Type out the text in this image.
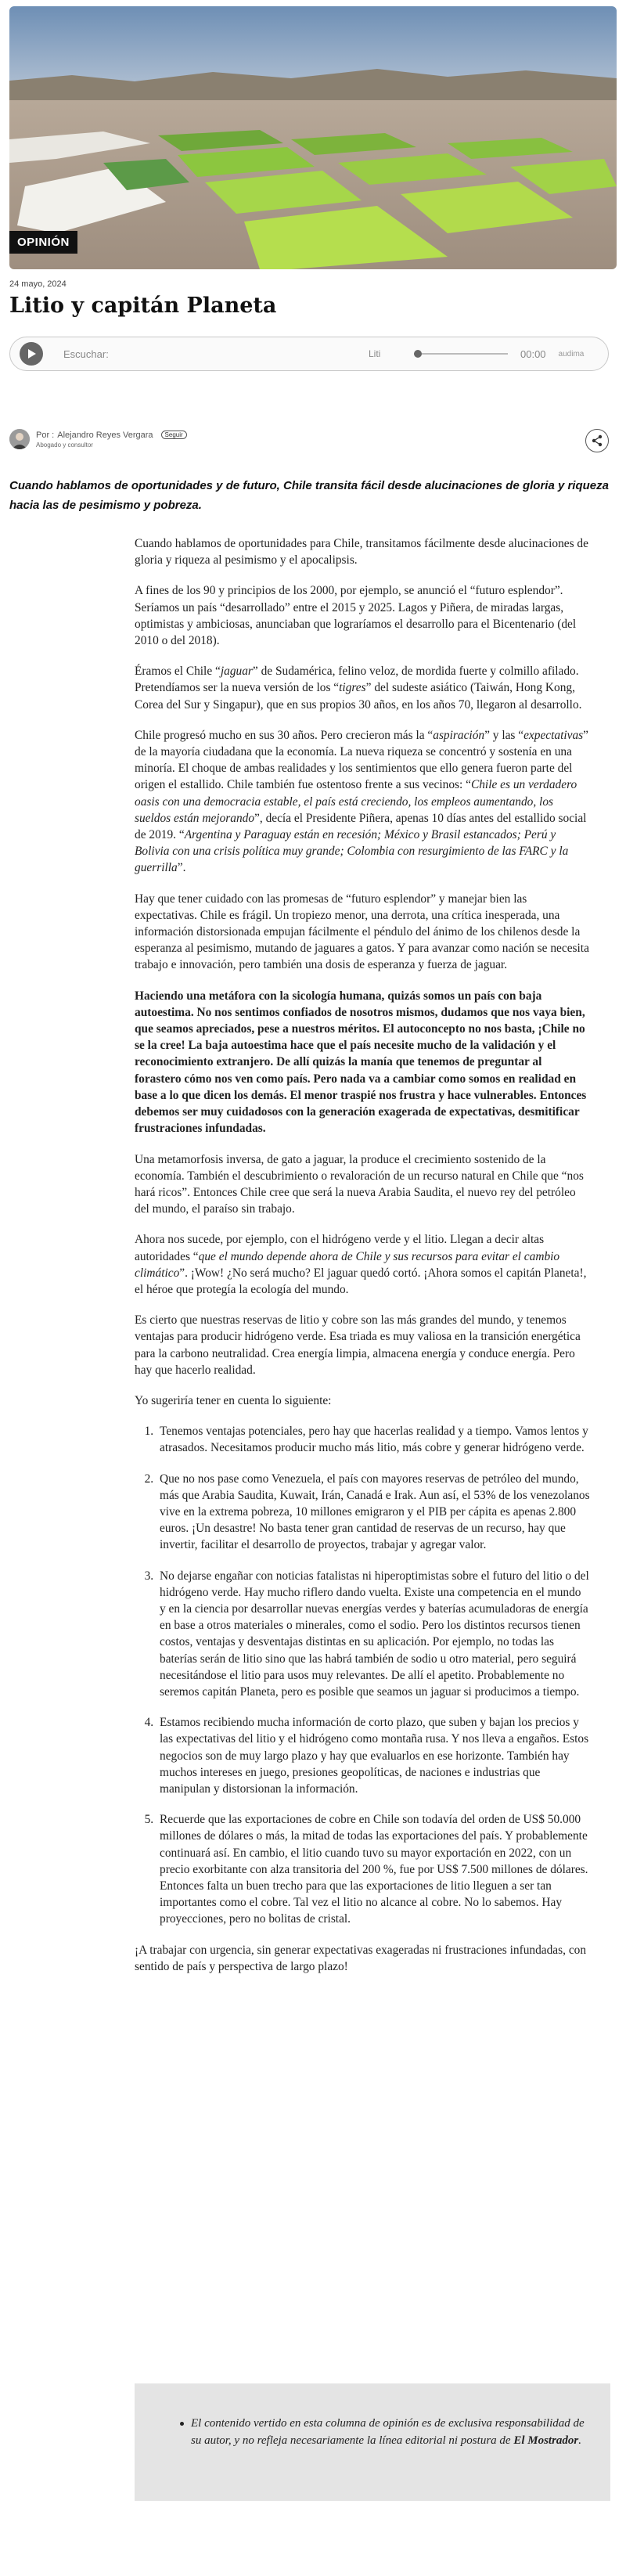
OPINIÓN
24 mayo, 2024
Litio y capitán Planeta
Escuchar:	Liti	00:00 audima
Por : Alejandro Reyes Vergara	Seguir
Abogado y consultor

Cuando hablamos de oportunidades y de futuro, Chile transita fácil desde alucinaciones de gloria y riqueza hacia las de pesimismo y pobreza.

Cuando hablamos de oportunidades para Chile, transitamos fácilmente desde alucinaciones de gloria y riqueza al pesimismo y el apocalipsis.

A fines de los 90 y principios de los 2000, por ejemplo, se anunció el “futuro esplendor”. Seríamos un país “desarrollado” entre el 2015 y 2025. Lagos y Piñera, de miradas largas, optimistas y ambiciosas, anunciaban que lograríamos el desarrollo para el Bicentenario (del 2010 o del 2018).

Éramos el Chile “jaguar” de Sudamérica, felino veloz, de mordida fuerte y colmillo afilado. Pretendíamos ser la nueva versión de los “tigres” del sudeste asiático (Taiwán, Hong Kong, Corea del Sur y Singapur), que en sus propios 30 años, en los años 70, llegaron al desarrollo.

Chile progresó mucho en sus 30 años. Pero crecieron más la “aspiración” y las “expectativas” de la mayoría ciudadana que la economía. La nueva riqueza se concentró y sostenía en una minoría. El choque de ambas realidades y los sentimientos que ello genera fueron parte del origen el estallido. Chile también fue ostentoso frente a sus vecinos: “Chile es un verdadero oasis con una democracia estable, el país está creciendo, los empleos aumentando, los sueldos están mejorando”, decía el Presidente Piñera, apenas 10 días antes del estallido social de 2019. “Argentina y Paraguay están en recesión; México y Brasil estancados; Perú y Bolivia con una crisis política muy grande; Colombia con resurgimiento de las FARC y la guerrilla”.

Hay que tener cuidado con las promesas de “futuro esplendor” y manejar bien las expectativas. Chile es frágil. Un tropiezo menor, una derrota, una crítica inesperada, una información distorsionada empujan fácilmente el péndulo del ánimo de los chilenos desde la esperanza al pesimismo, mutando de jaguares a gatos. Y para avanzar como nación se necesita trabajo e innovación, pero también una dosis de esperanza y fuerza de jaguar.

Haciendo una metáfora con la sicología humana, quizás somos un país con baja autoestima. No nos sentimos confiados de nosotros mismos, dudamos que nos vaya bien, que seamos apreciados, pese a nuestros méritos. El autoconcepto no nos basta, ¡Chile no se la cree! La baja autoestima hace que el país necesite mucho de la validación y el reconocimiento extranjero. De allí quizás la manía que tenemos de preguntar al forastero cómo nos ven como país. Pero nada va a cambiar como somos en realidad en base a lo que dicen los demás. El menor traspié nos frustra y hace vulnerables. Entonces debemos ser muy cuidadosos con la generación exagerada de expectativas, desmitificar frustraciones infundadas.

Una metamorfosis inversa, de gato a jaguar, la produce el crecimiento sostenido de la economía. También el descubrimiento o revaloración de un recurso natural en Chile que “nos hará ricos”. Entonces Chile cree que será la nueva Arabia Saudita, el nuevo rey del petróleo del mundo, el paraíso sin trabajo.

Ahora nos sucede, por ejemplo, con el hidrógeno verde y el litio. Llegan a decir altas autoridades “que el mundo depende ahora de Chile y sus recursos para evitar el cambio climático”. ¡Wow! ¿No será mucho? El jaguar quedó cortó. ¡Ahora somos el capitán Planeta!, el héroe que protegía la ecología del mundo.

Es cierto que nuestras reservas de litio y cobre son las más grandes del mundo, y tenemos ventajas para producir hidrógeno verde. Esa triada es muy valiosa en la transición energética para la carbono neutralidad. Crea energía limpia, almacena energía y conduce energía. Pero hay que hacerlo realidad.

Yo sugeriría tener en cuenta lo siguiente:

1. Tenemos ventajas potenciales, pero hay que hacerlas realidad y a tiempo. Vamos lentos y atrasados. Necesitamos producir mucho más litio, más cobre y generar hidrógeno verde.
2. Que no nos pase como Venezuela, el país con mayores reservas de petróleo del mundo, más que Arabia Saudita, Kuwait, Irán, Canadá e Irak. Aun así, el 53% de los venezolanos vive en la extrema pobreza, 10 millones emigraron y el PIB per cápita es apenas 2.800 euros. ¡Un desastre! No basta tener gran cantidad de reservas de un recurso, hay que invertir, facilitar el desarrollo de proyectos, trabajar y agregar valor.
3. No dejarse engañar con noticias fatalistas ni hiperoptimistas sobre el futuro del litio o del hidrógeno verde. Hay mucho riflero dando vuelta. Existe una competencia en el mundo y en la ciencia por desarrollar nuevas energías verdes y baterías acumuladoras de energía en base a otros materiales o minerales, como el sodio. Pero los distintos recursos tienen costos, ventajas y desventajas distintas en su aplicación. Por ejemplo, no todas las baterías serán de litio sino que las habrá también de sodio u otro material, pero seguirá necesitándose el litio para usos muy relevantes. De allí el apetito. Probablemente no seremos capitán Planeta, pero es posible que seamos un jaguar si producimos a tiempo.
4. Estamos recibiendo mucha información de corto plazo, que suben y bajan los precios y las expectativas del litio y el hidrógeno como montaña rusa. Y nos lleva a engaños. Estos negocios son de muy largo plazo y hay que evaluarlos en ese horizonte. También hay muchos intereses en juego, presiones geopolíticas, de naciones e industrias que manipulan y distorsionan la información.
5. Recuerde que las exportaciones de cobre en Chile son todavía del orden de US$ 50.000 millones de dólares o más, la mitad de todas las exportaciones del país. Y probablemente continuará así. En cambio, el litio cuando tuvo su mayor exportación en 2022, con un precio exorbitante con alza transitoria del 200 %, fue por US$ 7.500 millones de dólares. Entonces falta un buen trecho para que las exportaciones de litio lleguen a ser tan importantes como el cobre. Tal vez el litio no alcance al cobre. No lo sabemos. Hay proyecciones, pero no bolitas de cristal.

¡A trabajar con urgencia, sin generar expectativas exageradas ni frustraciones infundadas, con sentido de país y perspectiva de largo plazo!

El contenido vertido en esta columna de opinión es de exclusiva responsabilidad de su autor, y no refleja necesariamente la línea editorial ni postura de El Mostrador.
